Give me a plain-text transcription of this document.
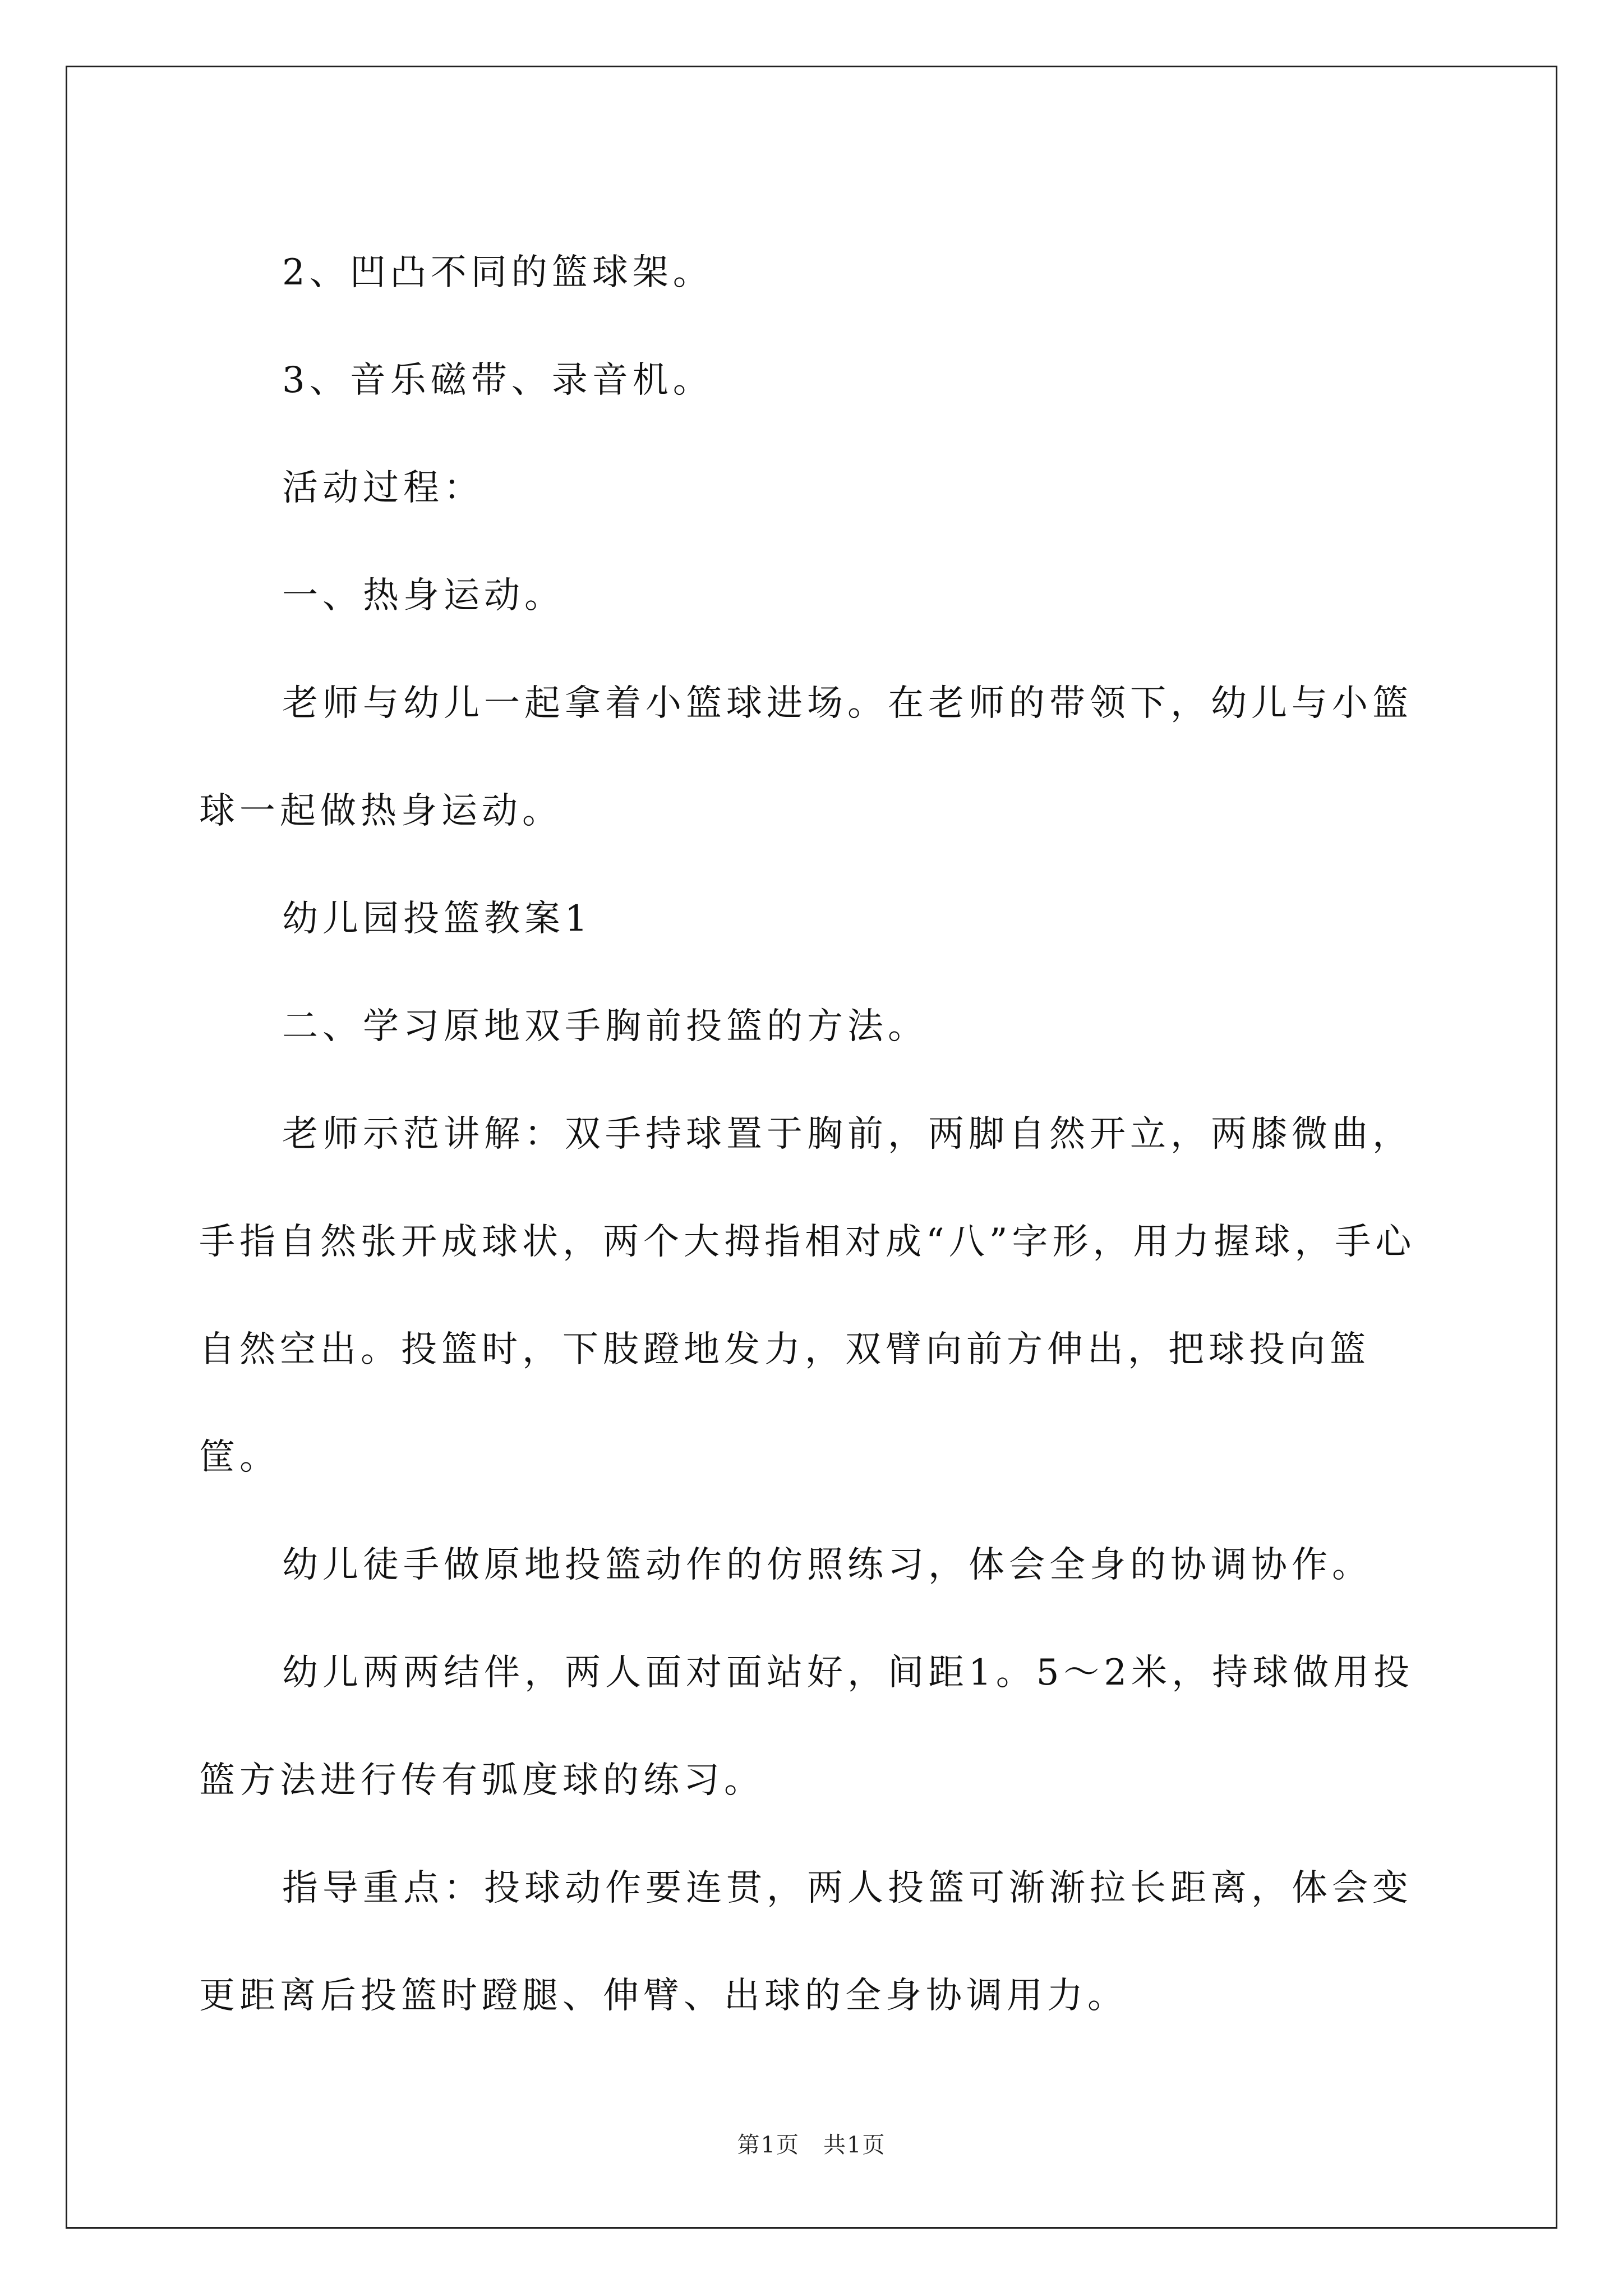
2、凹凸不同的篮球架。

3、音乐磁带、录音机。

活动过程：

一、热身运动。

老师与幼儿一起拿着小篮球进场。在老师的带领下，幼儿与小篮球一起做热身运动。

幼儿园投篮教案1

二、学习原地双手胸前投篮的方法。

老师示范讲解：双手持球置于胸前，两脚自然开立，两膝微曲，手指自然张开成球状，两个大拇指相对成“八”字形，用力握球，手心自然空出。投篮时，下肢蹬地发力，双臂向前方伸出，把球投向篮筐。

幼儿徒手做原地投篮动作的仿照练习，体会全身的协调协作。

幼儿两两结伴，两人面对面站好，间距1。5～2米，持球做用投篮方法进行传有弧度球的练习。

指导重点：投球动作要连贯，两人投篮可渐渐拉长距离，体会变更距离后投篮时蹬腿、伸臂、出球的全身协调用力。

第1页　共1页
